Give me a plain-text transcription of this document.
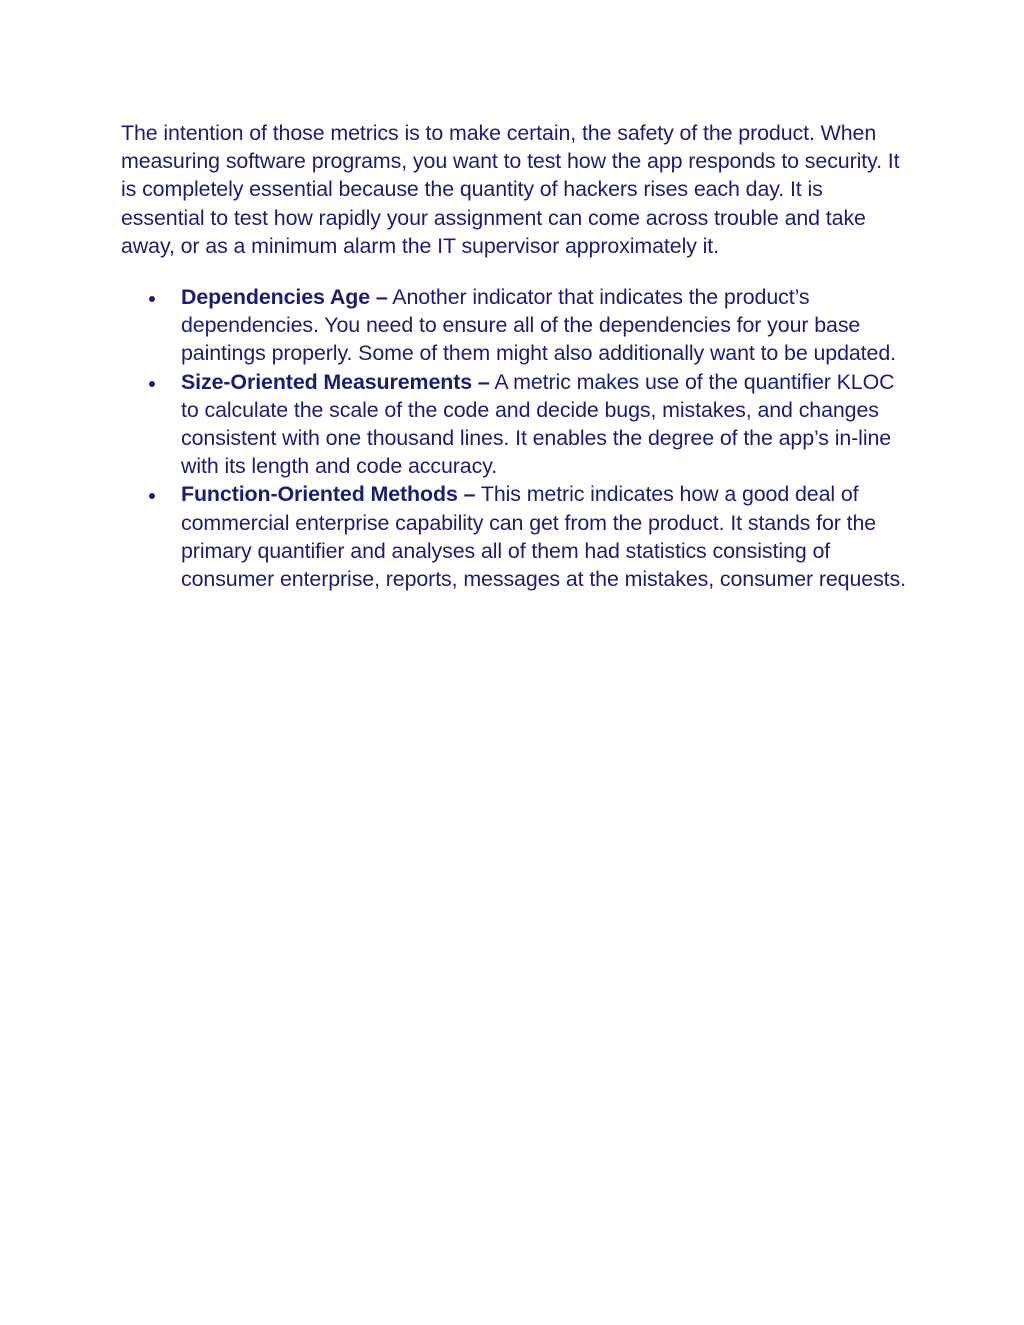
The intention of those metrics is to make certain, the safety of the product. When measuring software programs, you want to test how the app responds to security. It is completely essential because the quantity of hackers rises each day. It is essential to test how rapidly your assignment can come across trouble and take away, or as a minimum alarm the IT supervisor approximately it.

Dependencies Age – Another indicator that indicates the product’s dependencies. You need to ensure all of the dependencies for your base paintings properly. Some of them might also additionally want to be updated.
Size-Oriented Measurements – A metric makes use of the quantifier KLOC to calculate the scale of the code and decide bugs, mistakes, and changes consistent with one thousand lines. It enables the degree of the app’s in-line with its length and code accuracy.
Function-Oriented Methods – This metric indicates how a good deal of commercial enterprise capability can get from the product. It stands for the primary quantifier and analyses all of them had statistics consisting of consumer enterprise, reports, messages at the mistakes, consumer requests.
